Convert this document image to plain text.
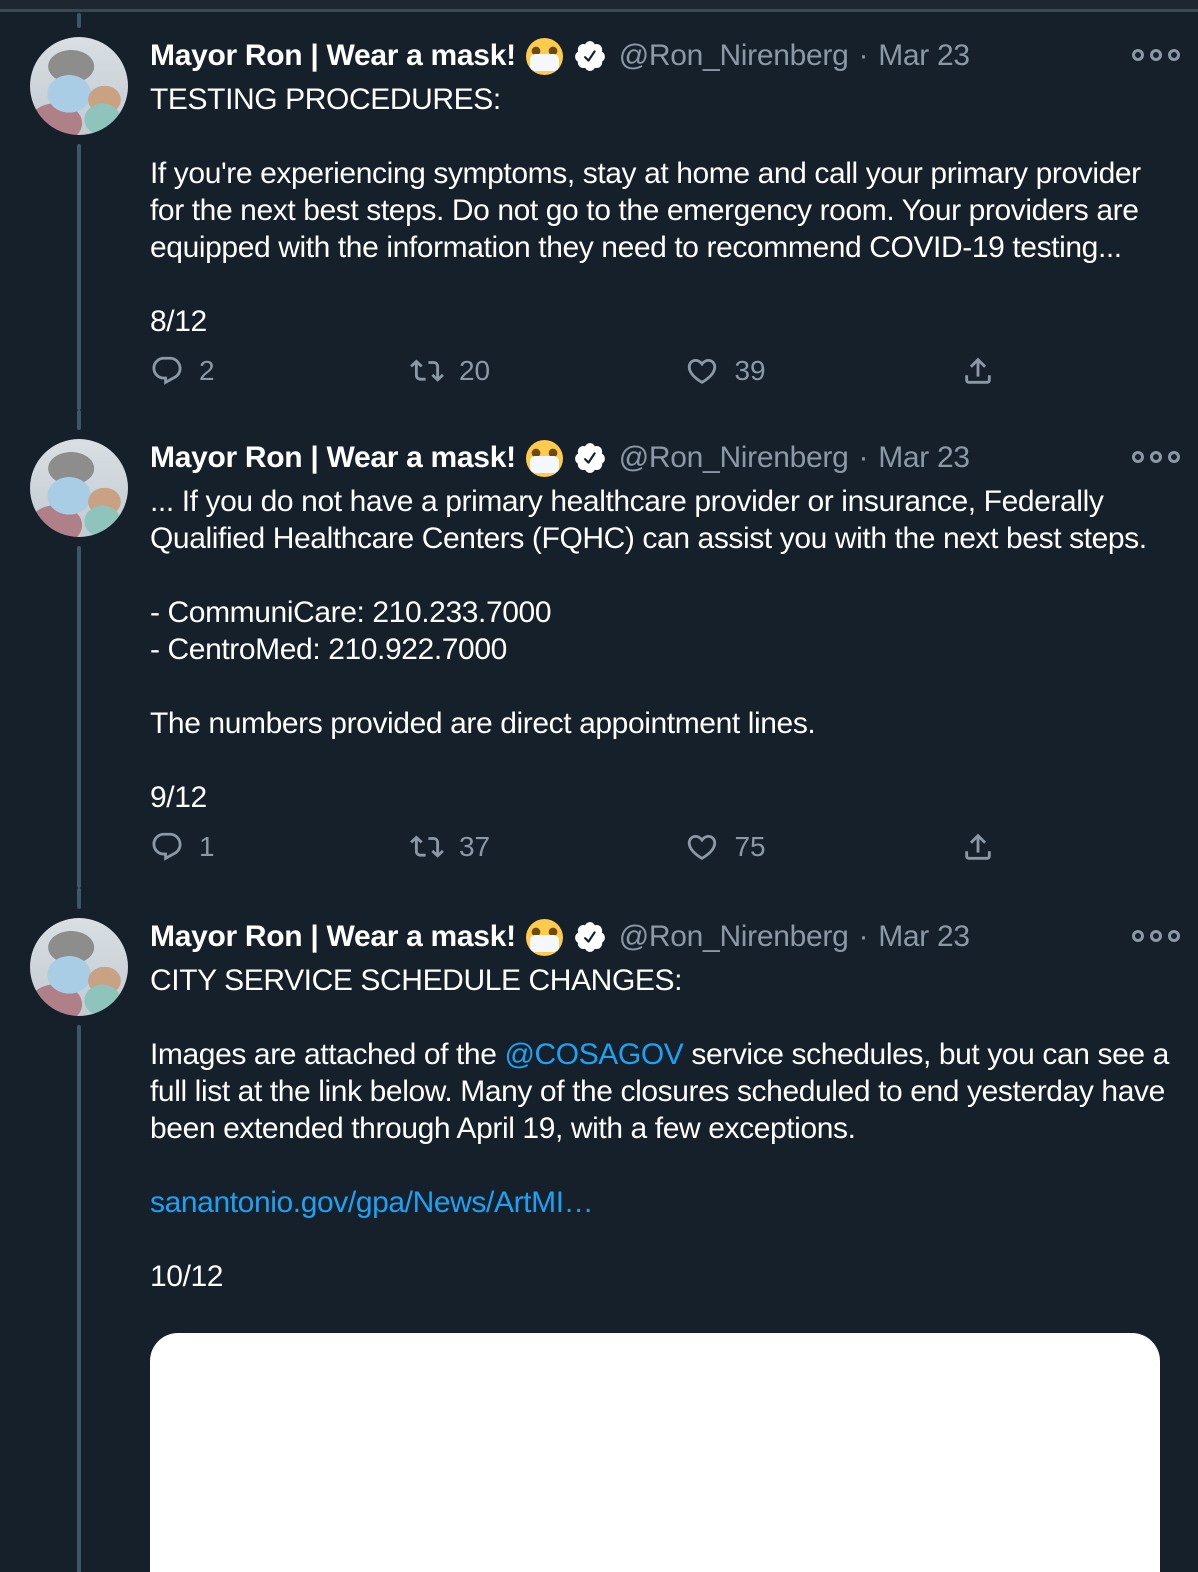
Mayor Ron | Wear a mask!	@Ron_Nirenberg · Mar 23

TESTING PROCEDURES:

If you're experiencing symptoms, stay at home and call your primary provider for the next best steps. Do not go to the emergency room. Your providers are equipped with the information they need to recommend COVID-19 testing...

8/12

2	20	39
Mayor Ron | Wear a mask!	@Ron_Nirenberg · Mar 23

... If you do not have a primary healthcare provider or insurance, Federally Qualified Healthcare Centers (FQHC) can assist you with the next best steps.

- CommuniCare: 210.233.7000

- CentroMed: 210.922.7000

The numbers provided are direct appointment lines.

9/12

1	37	75
Mayor Ron | Wear a mask!	@Ron_Nirenberg · Mar 23

CITY SERVICE SCHEDULE CHANGES:

Images are attached of the @COSAGOV service schedules, but you can see a full list at the link below. Many of the closures scheduled to end yesterday have been extended through April 19, with a few exceptions.

sanantonio.gov/gpa/News/ArtMI…

10/12
